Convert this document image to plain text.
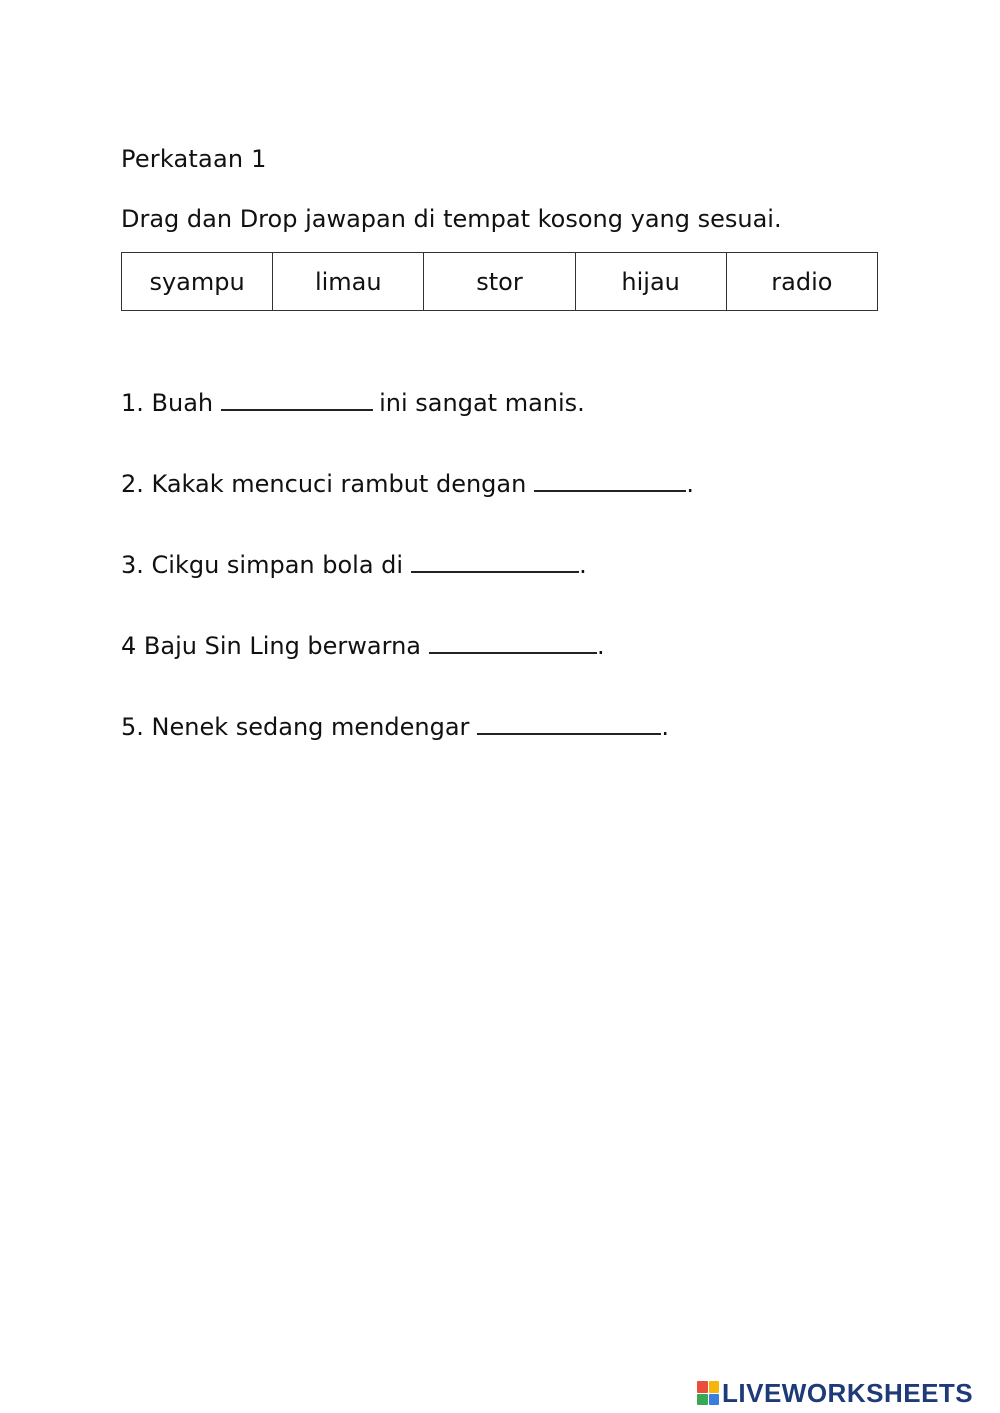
Perkataan 1
Drag dan Drop jawapan di tempat kosong yang sesuai.
syampu	limau	stor	hijau	radio
1. Buah	ini sangat manis.
2. Kakak mencuci rambut dengan	.
3. Cikgu simpan bola di	.
4 Baju Sin Ling berwarna	.
5. Nenek sedang mendengar	.
LIVEWORKSHEETS
